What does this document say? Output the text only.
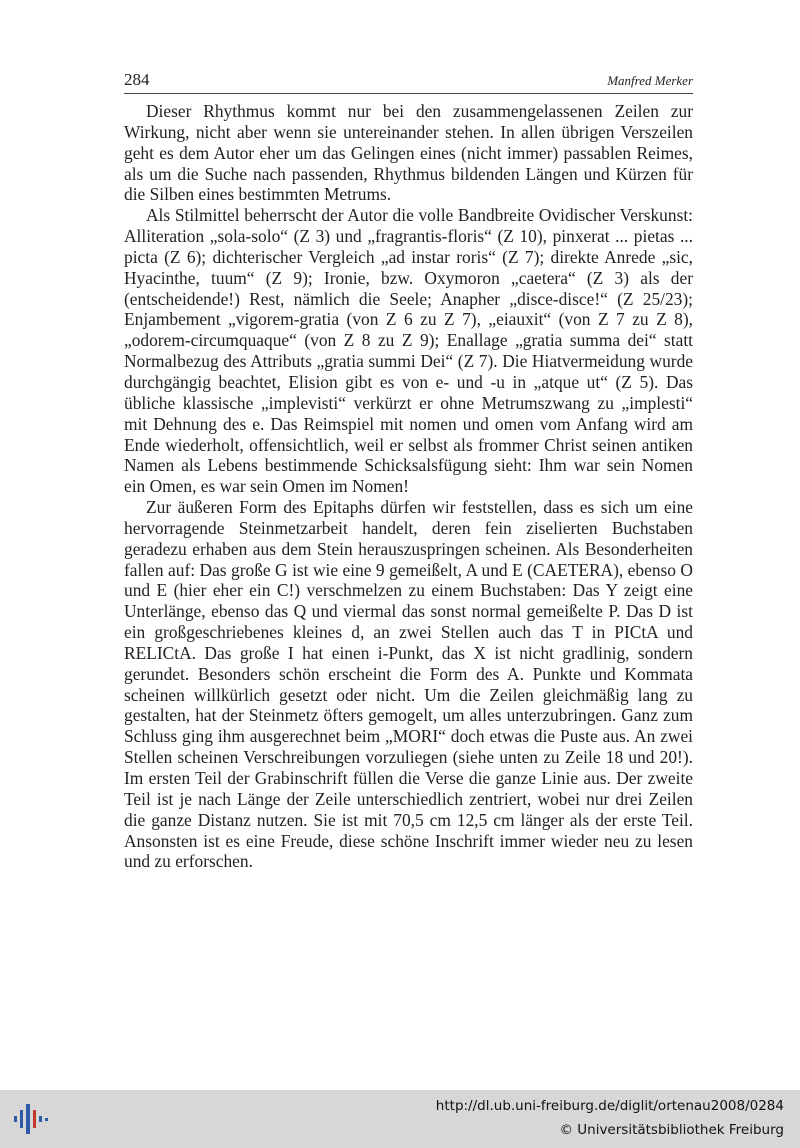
284	Manfred Merker

Dieser Rhythmus kommt nur bei den zusammengelassenen Zeilen zur Wirkung, nicht aber wenn sie untereinander stehen. In allen übrigen Verszeilen geht es dem Autor eher um das Gelingen eines (nicht immer) passablen Reimes, als um die Suche nach passenden, Rhythmus bildenden Längen und Kürzen für die Silben eines bestimmten Metrums.

Als Stilmittel beherrscht der Autor die volle Bandbreite Ovidischer Verskunst: Alliteration „sola-solo“ (Z 3) und „fragrantis-floris“ (Z 10), pinxerat ... pietas ... picta (Z 6); dichterischer Vergleich „ad instar roris“ (Z 7); direkte Anrede „sic, Hyacinthe, tuum“ (Z 9); Ironie, bzw. Oxymoron „caetera“ (Z 3) als der (entscheidende!) Rest, nämlich die Seele; Anapher „disce-disce!“ (Z 25/23); Enjambement „vigorem-gratia (von Z 6 zu Z 7), „eiauxit“ (von Z 7 zu Z 8), „odorem-circumquaque“ (von Z 8 zu Z 9); Enallage „gratia summa dei“ statt Normalbezug des Attributs „gratia summi Dei“ (Z 7). Die Hiatvermeidung wurde durchgängig beachtet, Elision gibt es von e- und -u in „atque ut“ (Z 5). Das übliche klassische „implevisti“ verkürzt er ohne Metrumszwang zu „implesti“ mit Dehnung des e. Das Reimspiel mit nomen und omen vom Anfang wird am Ende wiederholt, offensichtlich, weil er selbst als frommer Christ seinen antiken Namen als Lebens bestimmende Schicksalsfügung sieht: Ihm war sein Nomen ein Omen, es war sein Omen im Nomen!

Zur äußeren Form des Epitaphs dürfen wir feststellen, dass es sich um eine hervorragende Steinmetzarbeit handelt, deren fein ziselierten Buchstaben geradezu erhaben aus dem Stein herauszuspringen scheinen. Als Besonderheiten fallen auf: Das große G ist wie eine 9 gemeißelt, A und E (CAETERA), ebenso O und E (hier eher ein C!) verschmelzen zu einem Buchstaben: Das Y zeigt eine Unterlänge, ebenso das Q und viermal das sonst normal gemeißelte P. Das D ist ein großgeschriebenes kleines d, an zwei Stellen auch das T in PICtA und RELICtA. Das große I hat einen i-Punkt, das X ist nicht gradlinig, sondern gerundet. Besonders schön erscheint die Form des A. Punkte und Kommata scheinen willkürlich gesetzt oder nicht. Um die Zeilen gleichmäßig lang zu gestalten, hat der Steinmetz öfters gemogelt, um alles unterzubringen. Ganz zum Schluss ging ihm ausgerechnet beim „MORI“ doch etwas die Puste aus. An zwei Stellen scheinen Verschreibungen vorzuliegen (siehe unten zu Zeile 18 und 20!). Im ersten Teil der Grabinschrift füllen die Verse die ganze Linie aus. Der zweite Teil ist je nach Länge der Zeile unterschiedlich zentriert, wobei nur drei Zeilen die ganze Distanz nutzen. Sie ist mit 70,5 cm 12,5 cm länger als der erste Teil. Ansonsten ist es eine Freude, diese schöne Inschrift immer wieder neu zu lesen und zu erforschen.

http://dl.ub.uni-freiburg.de/diglit/ortenau2008/0284
© Universitätsbibliothek Freiburg
